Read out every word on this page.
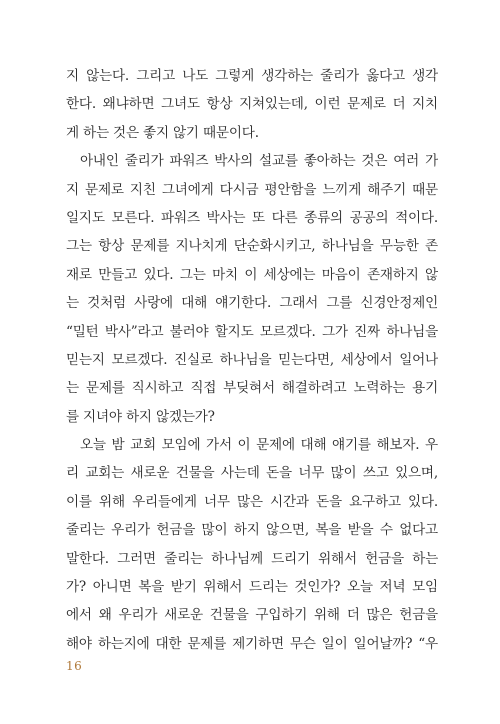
지 않는다. 그리고 나도 그렇게 생각하는 줄리가 옳다고 생각
한다. 왜냐하면 그녀도 항상 지쳐있는데, 이런 문제로 더 지치
게 하는 것은 좋지 않기 때문이다.
아내인 줄리가 파워즈 박사의 설교를 좋아하는 것은 여러 가
지 문제로 지친 그녀에게 다시금 평안함을 느끼게 해주기 때문
일지도 모른다. 파워즈 박사는 또 다른 종류의 공공의 적이다.
그는 항상 문제를 지나치게 단순화시키고, 하나님을 무능한 존
재로 만들고 있다. 그는 마치 이 세상에는 마음이 존재하지 않
는 것처럼 사랑에 대해 얘기한다. 그래서 그를 신경안정제인
“밀턴 박사”라고 불러야 할지도 모르겠다. 그가 진짜 하나님을
믿는지 모르겠다. 진실로 하나님을 믿는다면, 세상에서 일어나
는 문제를 직시하고 직접 부딪혀서 해결하려고 노력하는 용기
를 지녀야 하지 않겠는가?
오늘 밤 교회 모임에 가서 이 문제에 대해 얘기를 해보자. 우
리 교회는 새로운 건물을 사는데 돈을 너무 많이 쓰고 있으며,
이를 위해 우리들에게 너무 많은 시간과 돈을 요구하고 있다.
줄리는 우리가 헌금을 많이 하지 않으면, 복을 받을 수 없다고
말한다. 그러면 줄리는 하나님께 드리기 위해서 헌금을 하는
가? 아니면 복을 받기 위해서 드리는 것인가? 오늘 저녁 모임
에서 왜 우리가 새로운 건물을 구입하기 위해 더 많은 헌금을
해야 하는지에 대한 문제를 제기하면 무슨 일이 일어날까? “우
16
